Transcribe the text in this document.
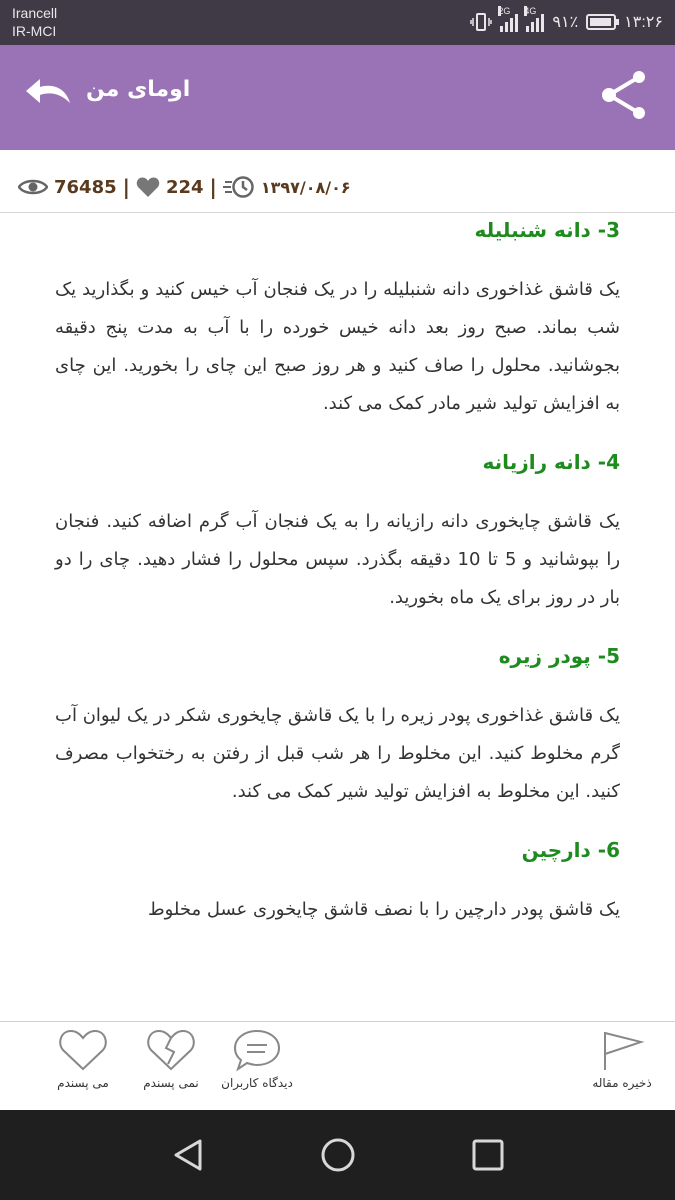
Irancell
IR-MCI
2G 4G
۹۱٪	۱۳:۲۶
اومای من
76485 | 224 |	۱۳۹۷/۰۸/۰۶
3- دانه شنبلیله

یک قاشق غذاخوری دانه شنبلیله را در یک فنجان آب خیس کنید و بگذارید یک شب بماند. صبح روز بعد دانه خیس خورده را با آب به مدت پنج دقیقه بجوشانید. محلول را صاف کنید و هر روز صبح این چای را بخورید. این چای به افزایش تولید شیر مادر کمک می کند.

4- دانه رازیانه

یک قاشق چایخوری دانه رازیانه را به یک فنجان آب گرم اضافه کنید. فنجان را بپوشانید و 5 تا 10 دقیقه بگذرد. سپس محلول را فشار دهید. چای را دو بار در روز برای یک ماه بخورید.

5- پودر زیره

یک قاشق غذاخوری پودر زیره را با یک قاشق چایخوری شکر در یک لیوان آب گرم مخلوط کنید. این مخلوط را هر شب قبل از رفتن به رختخواب مصرف کنید. این مخلوط به افزایش تولید شیر کمک می کند.

6- دارچین

یک قاشق پودر دارچین را با نصف قاشق چایخوری عسل مخلوط

می پسندم	نمی پسندم	دیدگاه کاربران	ذخیره مقاله
